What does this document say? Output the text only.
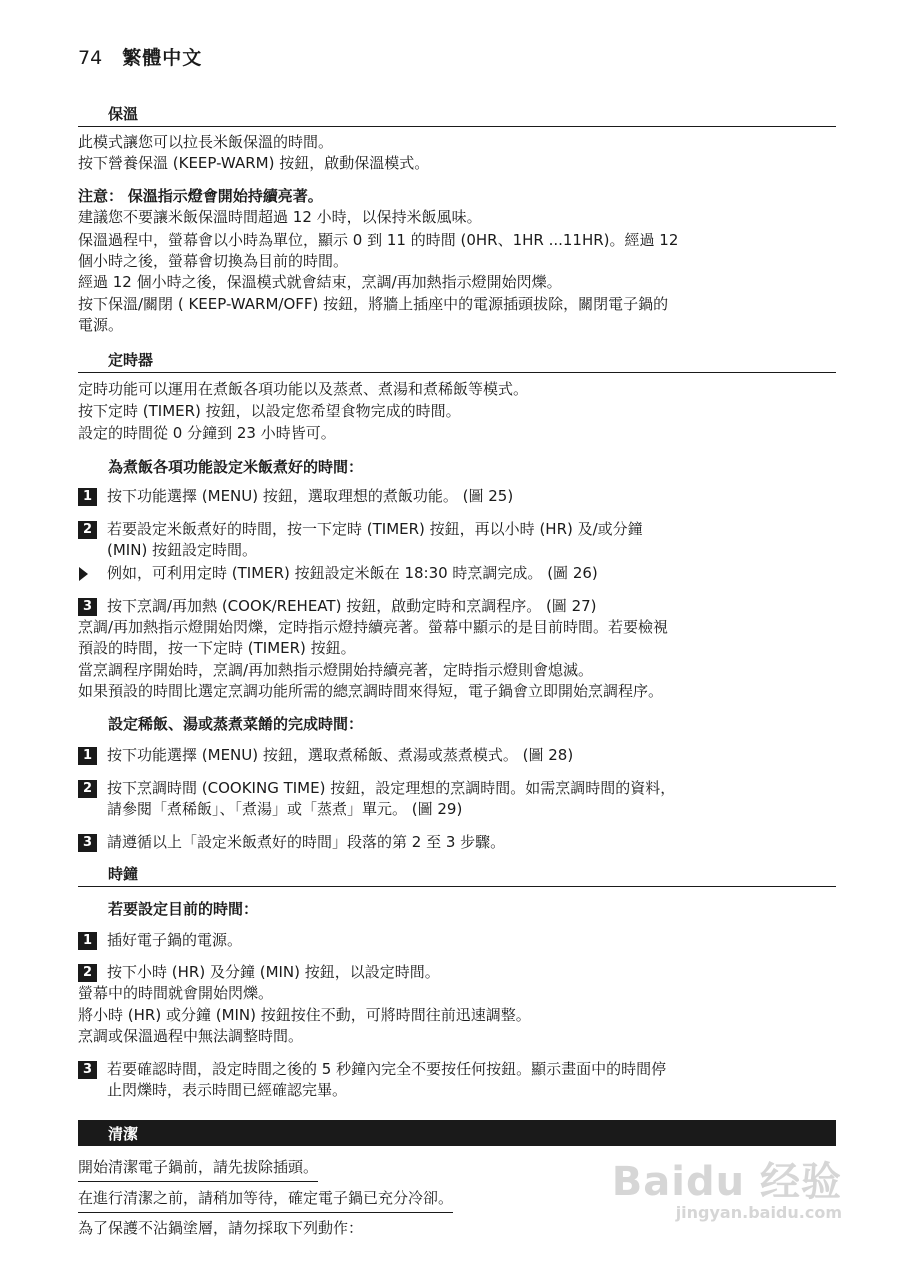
74 繁體中文
保溫
此模式讓您可以拉長米飯保溫的時間。
按下營養保溫 (KEEP-WARM) 按鈕，啟動保溫模式。
注意： 保溫指示燈會開始持續亮著。
建議您不要讓米飯保溫時間超過 12 小時，以保持米飯風味。
保溫過程中，螢幕會以小時為單位，顯示 0 到 11 的時間 (0HR、1HR ...11HR)。經過 12
個小時之後，螢幕會切換為目前的時間。
經過 12 個小時之後，保溫模式就會結束，烹調/再加熱指示燈開始閃爍。
按下保溫/關閉 ( KEEP-WARM/OFF) 按鈕，將牆上插座中的電源插頭拔除，關閉電子鍋的
電源。
定時器
定時功能可以運用在煮飯各項功能以及蒸煮、煮湯和煮稀飯等模式。
按下定時 (TIMER) 按鈕，以設定您希望食物完成的時間。
設定的時間從 0 分鐘到 23 小時皆可。
為煮飯各項功能設定米飯煮好的時間：
1 按下功能選擇 (MENU) 按鈕，選取理想的煮飯功能。 (圖 25)
2 若要設定米飯煮好的時間，按一下定時 (TIMER) 按鈕，再以小時 (HR) 及/或分鐘
(MIN) 按鈕設定時間。
例如，可利用定時 (TIMER) 按鈕設定米飯在 18:30 時烹調完成。 (圖 26)
3 按下烹調/再加熱 (COOK/REHEAT) 按鈕，啟動定時和烹調程序。 (圖 27)
烹調/再加熱指示燈開始閃爍，定時指示燈持續亮著。螢幕中顯示的是目前時間。若要檢視
預設的時間，按一下定時 (TIMER) 按鈕。
當烹調程序開始時，烹調/再加熱指示燈開始持續亮著，定時指示燈則會熄滅。
如果預設的時間比選定烹調功能所需的總烹調時間來得短，電子鍋會立即開始烹調程序。
設定稀飯、湯或蒸煮菜餚的完成時間：
1 按下功能選擇 (MENU) 按鈕，選取煮稀飯、煮湯或蒸煮模式。 (圖 28)
2 按下烹調時間 (COOKING TIME) 按鈕，設定理想的烹調時間。如需烹調時間的資料，
請參閱「煮稀飯」、「煮湯」或「蒸煮」單元。 (圖 29)
3 請遵循以上「設定米飯煮好的時間」段落的第 2 至 3 步驟。
時鐘
若要設定目前的時間：
1 插好電子鍋的電源。
2 按下小時 (HR) 及分鐘 (MIN) 按鈕，以設定時間。
螢幕中的時間就會開始閃爍。
將小時 (HR) 或分鐘 (MIN) 按鈕按住不動，可將時間往前迅速調整。
烹調或保溫過程中無法調整時間。
3 若要確認時間，設定時間之後的 5 秒鐘內完全不要按任何按鈕。顯示畫面中的時間停
止閃爍時，表示時間已經確認完畢。
清潔
開始清潔電子鍋前，請先拔除插頭。
在進行清潔之前，請稍加等待，確定電子鍋已充分冷卻。
為了保護不沾鍋塗層，請勿採取下列動作：
Baidu 经验
jingyan.baidu.com
